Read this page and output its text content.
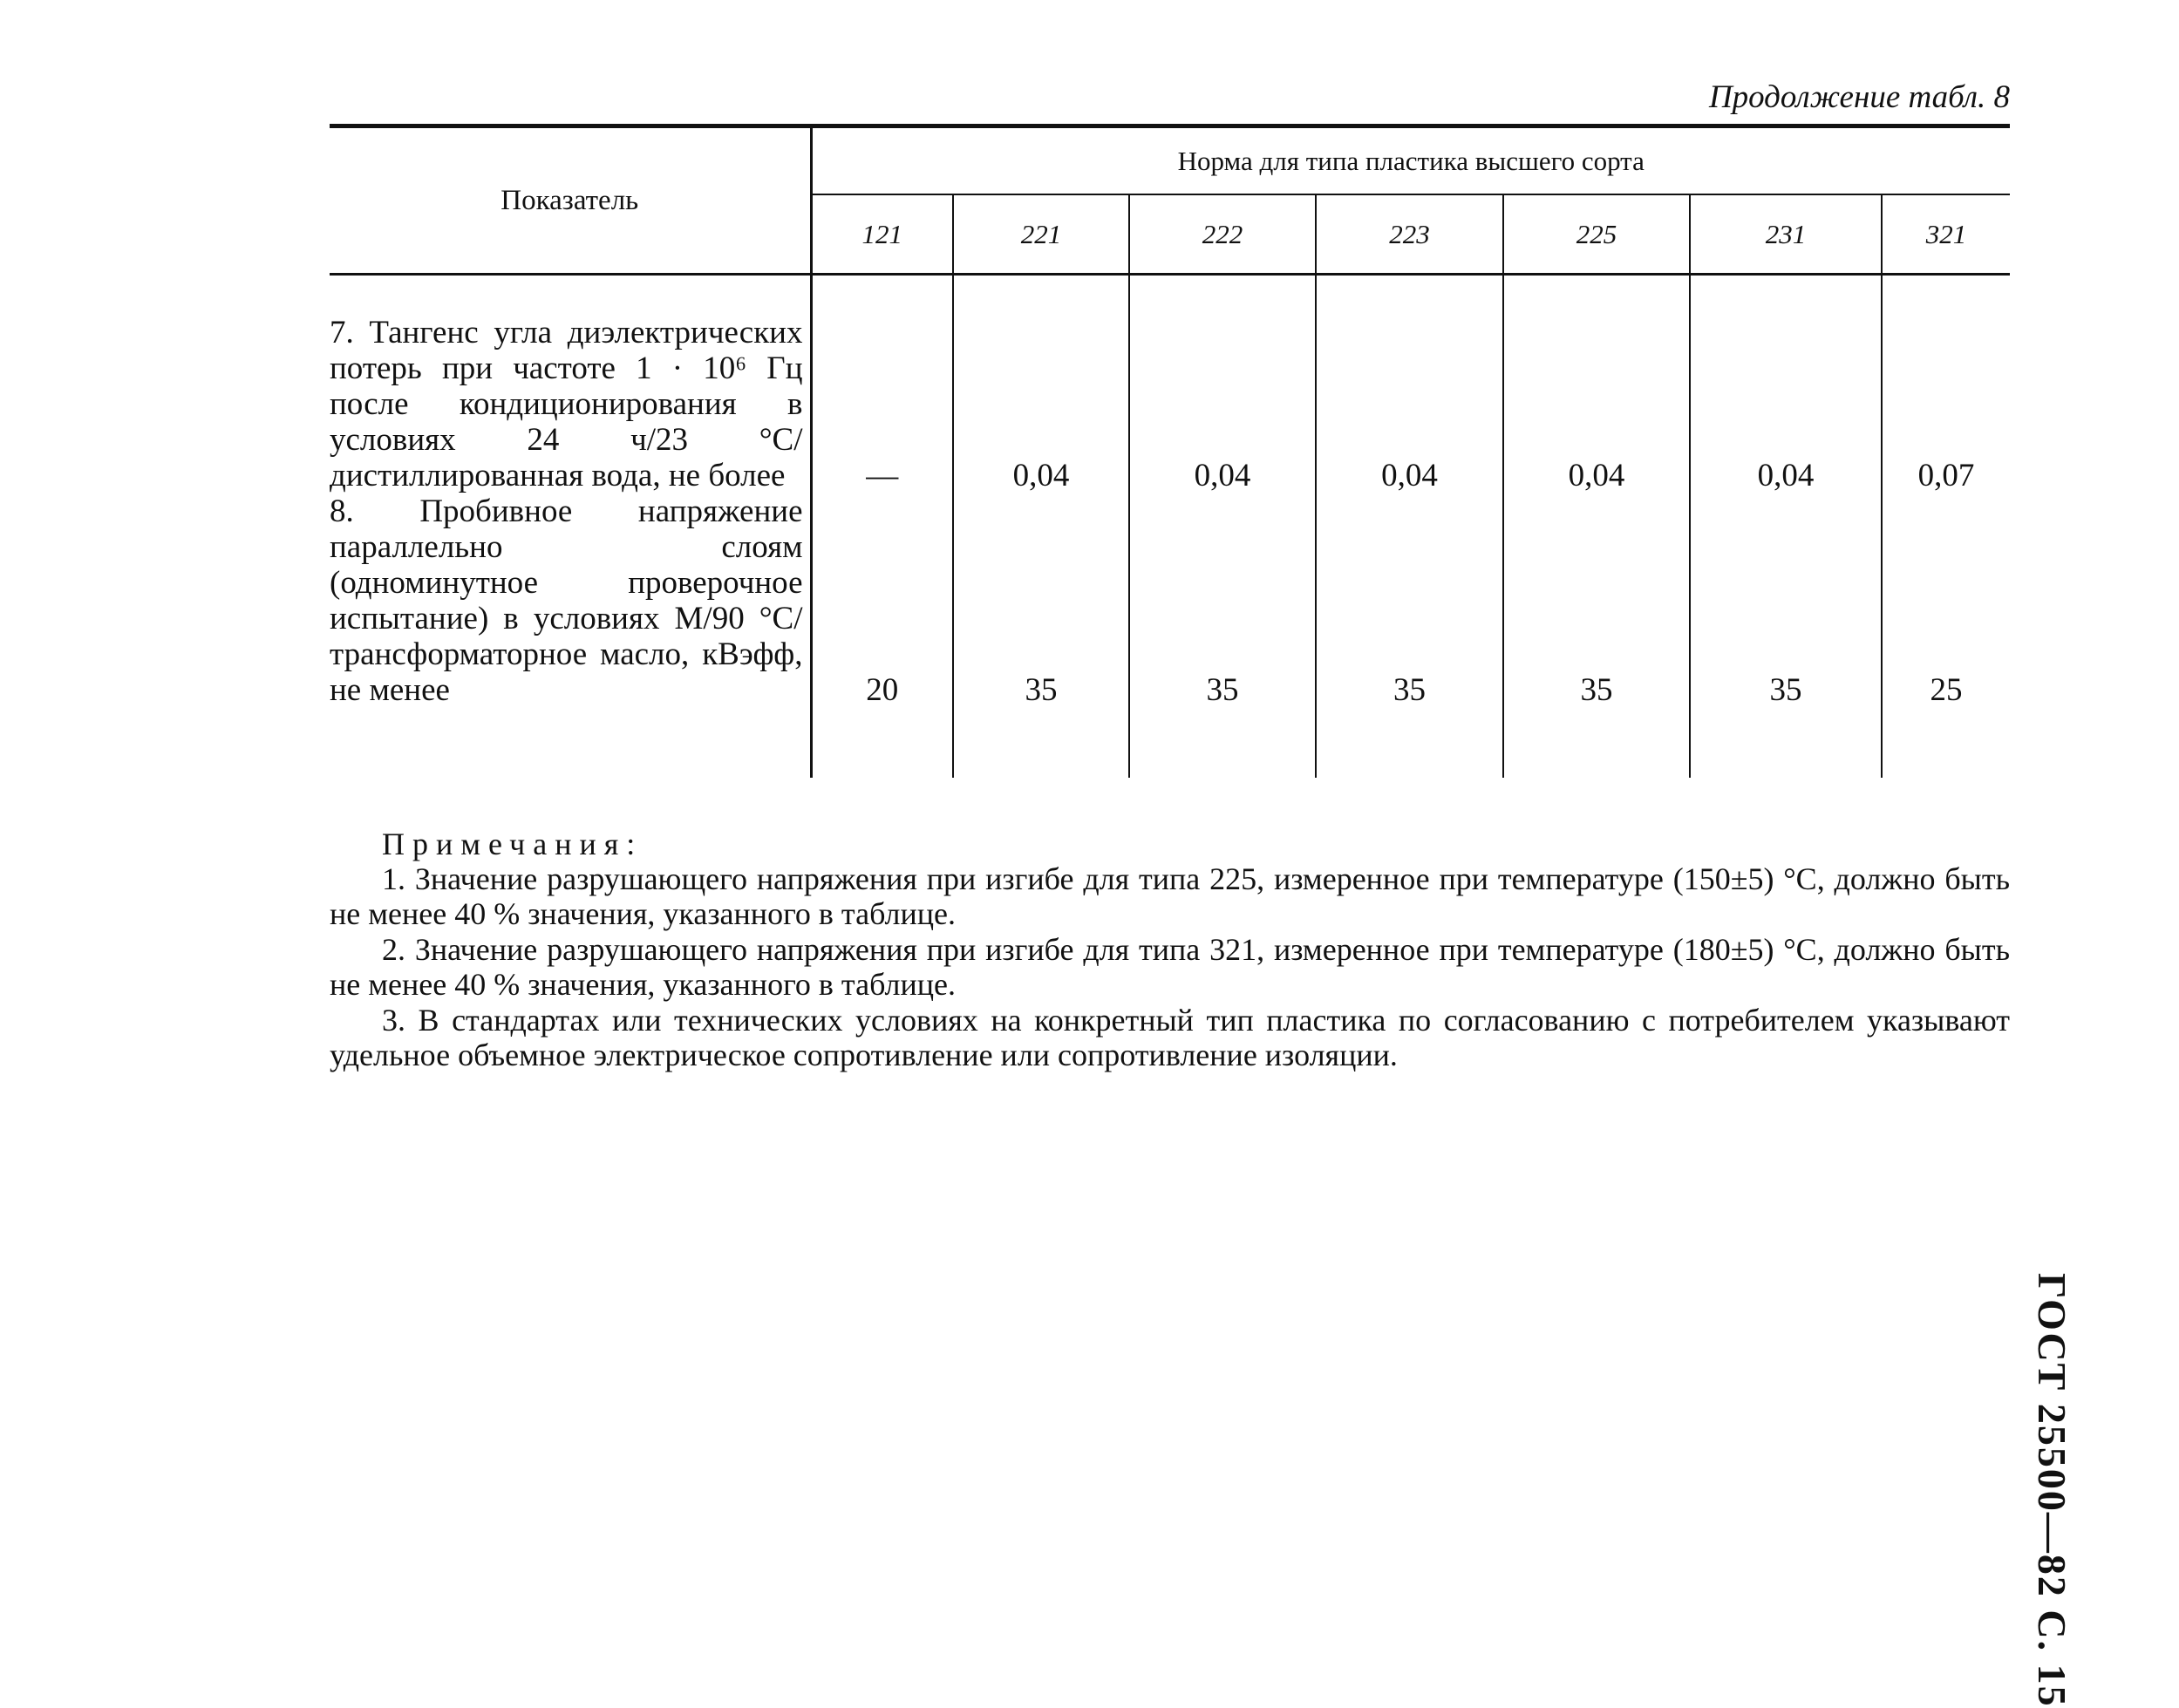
Продолжение табл. 8
Показатель	Норма для типа пластика высшего сорта						
	121	221	222	223	225	231	321
7. Тангенс угла диэлектрических потерь при частоте 1 · 10⁶ Гц после кондиционирования в условиях 24 ч/23 °С/дистиллированная вода, не более	—	0,04	0,04	0,04	0,04	0,04	0,07
8. Пробивное напряжение параллельно слоям (одноминутное проверочное испытание) в условиях М/90 °С/трансформаторное масло, кВэфф, не менее	20	35	35	35	35	35	25

Примечания:

1. Значение разрушающего напряжения при изгибе для типа 225, измеренное при температуре (150±5) °С, должно быть не менее 40 % значения, указанного в таблице.

2. Значение разрушающего напряжения при изгибе для типа 321, измеренное при температуре (180±5) °С, должно быть не менее 40 % значения, указанного в таблице.

3. В стандартах или технических условиях на конкретный тип пластика по согласованию с потребителем указывают удельное объемное электрическое сопротивление или сопротивление изоляции.

ГОСТ 25500—82 С. 15
